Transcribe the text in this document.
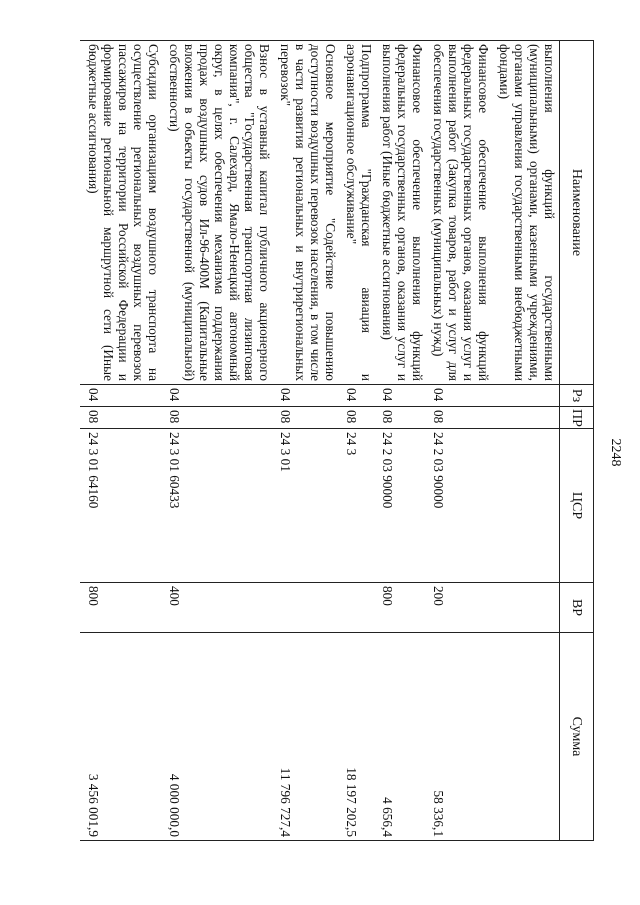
2248
Наименование	Рз	ПР	ЦСР	ВР	Сумма
выполнения функций государственными (муниципальными) органами, казенными учреждениями, органами управления государственными внебюджетными фондами)					
Финансовое обеспечение выполнения функций федеральных государственных органов, оказания услуг и выполнения работ (Закупка товаров, работ и услуг для обеспечения государственных (муниципальных) нужд)	04	08	24 2 03 90000	200	58 336,1
Финансовое обеспечение выполнения функций федеральных государственных органов, оказания услуг и выполнения работ (Иные бюджетные ассигнования)	04	08	24 2 03 90000	800	4 656,4
Подпрограмма "Гражданская авиация и аэронавигационное обслуживание"	04	08	24 3		18 197 202,5
Основное мероприятие "Содействие повышению доступности воздушных перевозок населения, в том числе в части развития региональных и внутрирегиональных перевозок"	04	08	24 3 01		11 796 727,4
Взнос в уставный капитал публичного акционерного общества "Государственная транспортная лизинговая компания", г. Салехард, Ямало-Ненецкий автономный округ, в целях обеспечения механизма поддержания продаж воздушных судов Ил-96-400М (Капитальные вложения в объекты государственной (муниципальной) собственности)	04	08	24 3 01 60433	400	4 000 000,0
Субсидии организациям воздушного транспорта на осуществление региональных воздушных перевозок пассажиров на территории Российской Федерации и формирование региональной маршрутной сети (Иные бюджетные ассигнования)	04	08	24 3 01 64160	800	3 456 001,9
